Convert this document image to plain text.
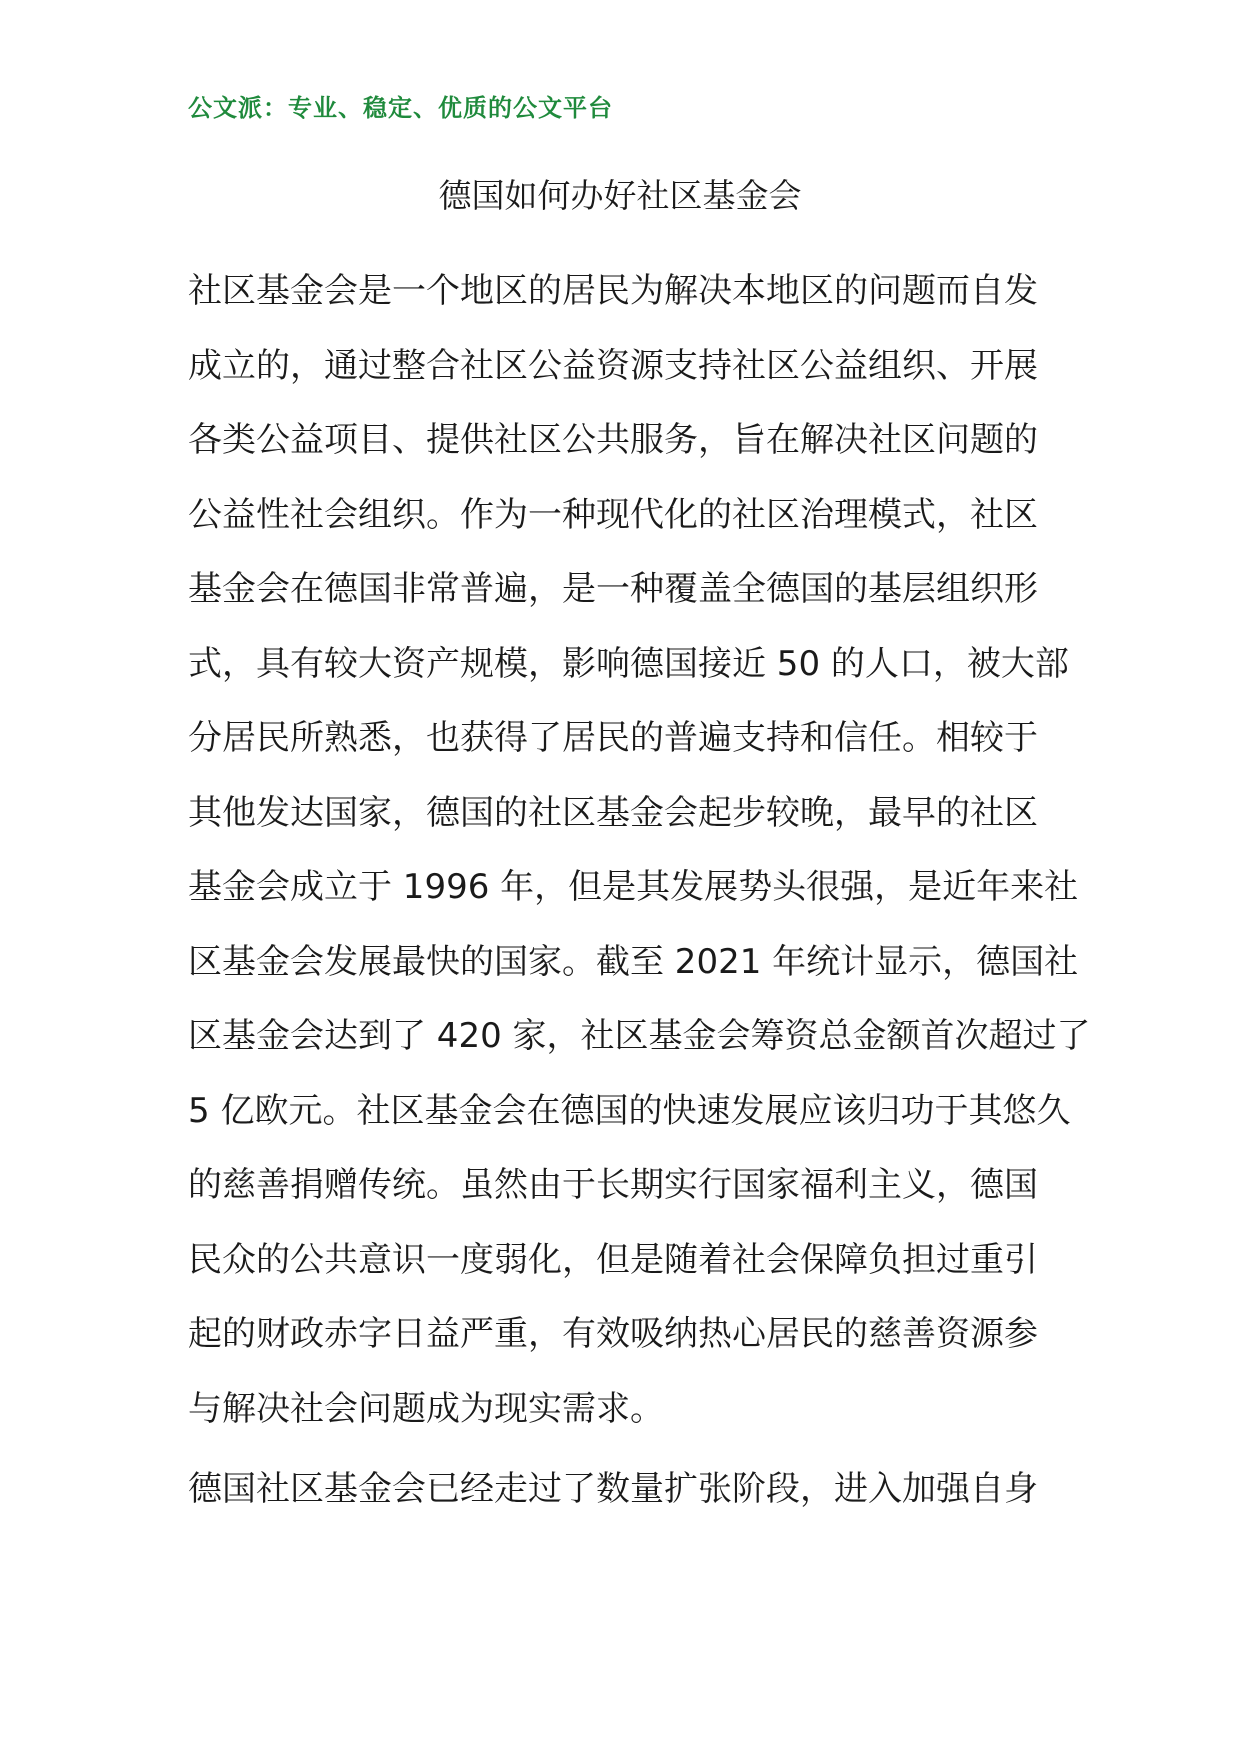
公文派：专业、稳定、优质的公文平台
德国如何办好社区基金会
社区基金会是一个地区的居民为解决本地区的问题而自发
成立的，通过整合社区公益资源支持社区公益组织、开展
各类公益项目、提供社区公共服务，旨在解决社区问题的
公益性社会组织。作为一种现代化的社区治理模式，社区
基金会在德国非常普遍，是一种覆盖全德国的基层组织形
式，具有较大资产规模，影响德国接近 50 的人口，被大部
分居民所熟悉，也获得了居民的普遍支持和信任。相较于
其他发达国家，德国的社区基金会起步较晚，最早的社区
基金会成立于 1996 年，但是其发展势头很强，是近年来社
区基金会发展最快的国家。截至 2021 年统计显示，德国社
区基金会达到了 420 家，社区基金会筹资总金额首次超过了
5 亿欧元。社区基金会在德国的快速发展应该归功于其悠久
的慈善捐赠传统。虽然由于长期实行国家福利主义，德国
民众的公共意识一度弱化，但是随着社会保障负担过重引
起的财政赤字日益严重，有效吸纳热心居民的慈善资源参
与解决社会问题成为现实需求。
德国社区基金会已经走过了数量扩张阶段，进入加强自身
